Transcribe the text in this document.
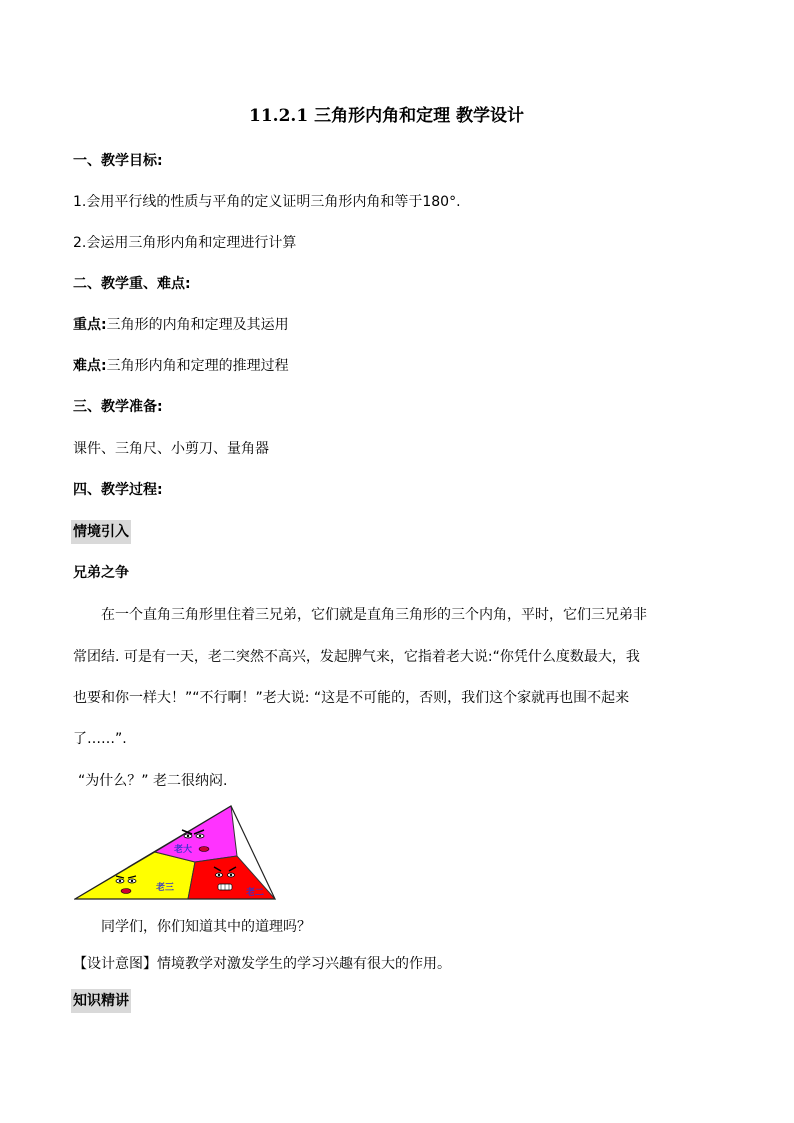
11.2.1 三角形内角和定理 教学设计
一、教学目标:
1.会用平行线的性质与平角的定义证明三角形内角和等于180°.
2.会运用三角形内角和定理进行计算
二、教学重、难点:
重点:三角形的内角和定理及其运用
难点:三角形内角和定理的推理过程
三、教学准备:
课件、三角尺、小剪刀、量角器
四、教学过程:
情境引入
兄弟之争
在一个直角三角形里住着三兄弟，它们就是直角三角形的三个内角，平时，它们三兄弟非
常团结. 可是有一天，老二突然不高兴，发起脾气来，它指着老大说:“你凭什么度数最大，我
也要和你一样大！”“不行啊！”老大说: “这是不可能的，否则，我们这个家就再也围不起来
了……”.
“为什么？” 老二很纳闷.
老大
老三	老二
同学们，你们知道其中的道理吗？
【设计意图】情境教学对激发学生的学习兴趣有很大的作用。
知识精讲
